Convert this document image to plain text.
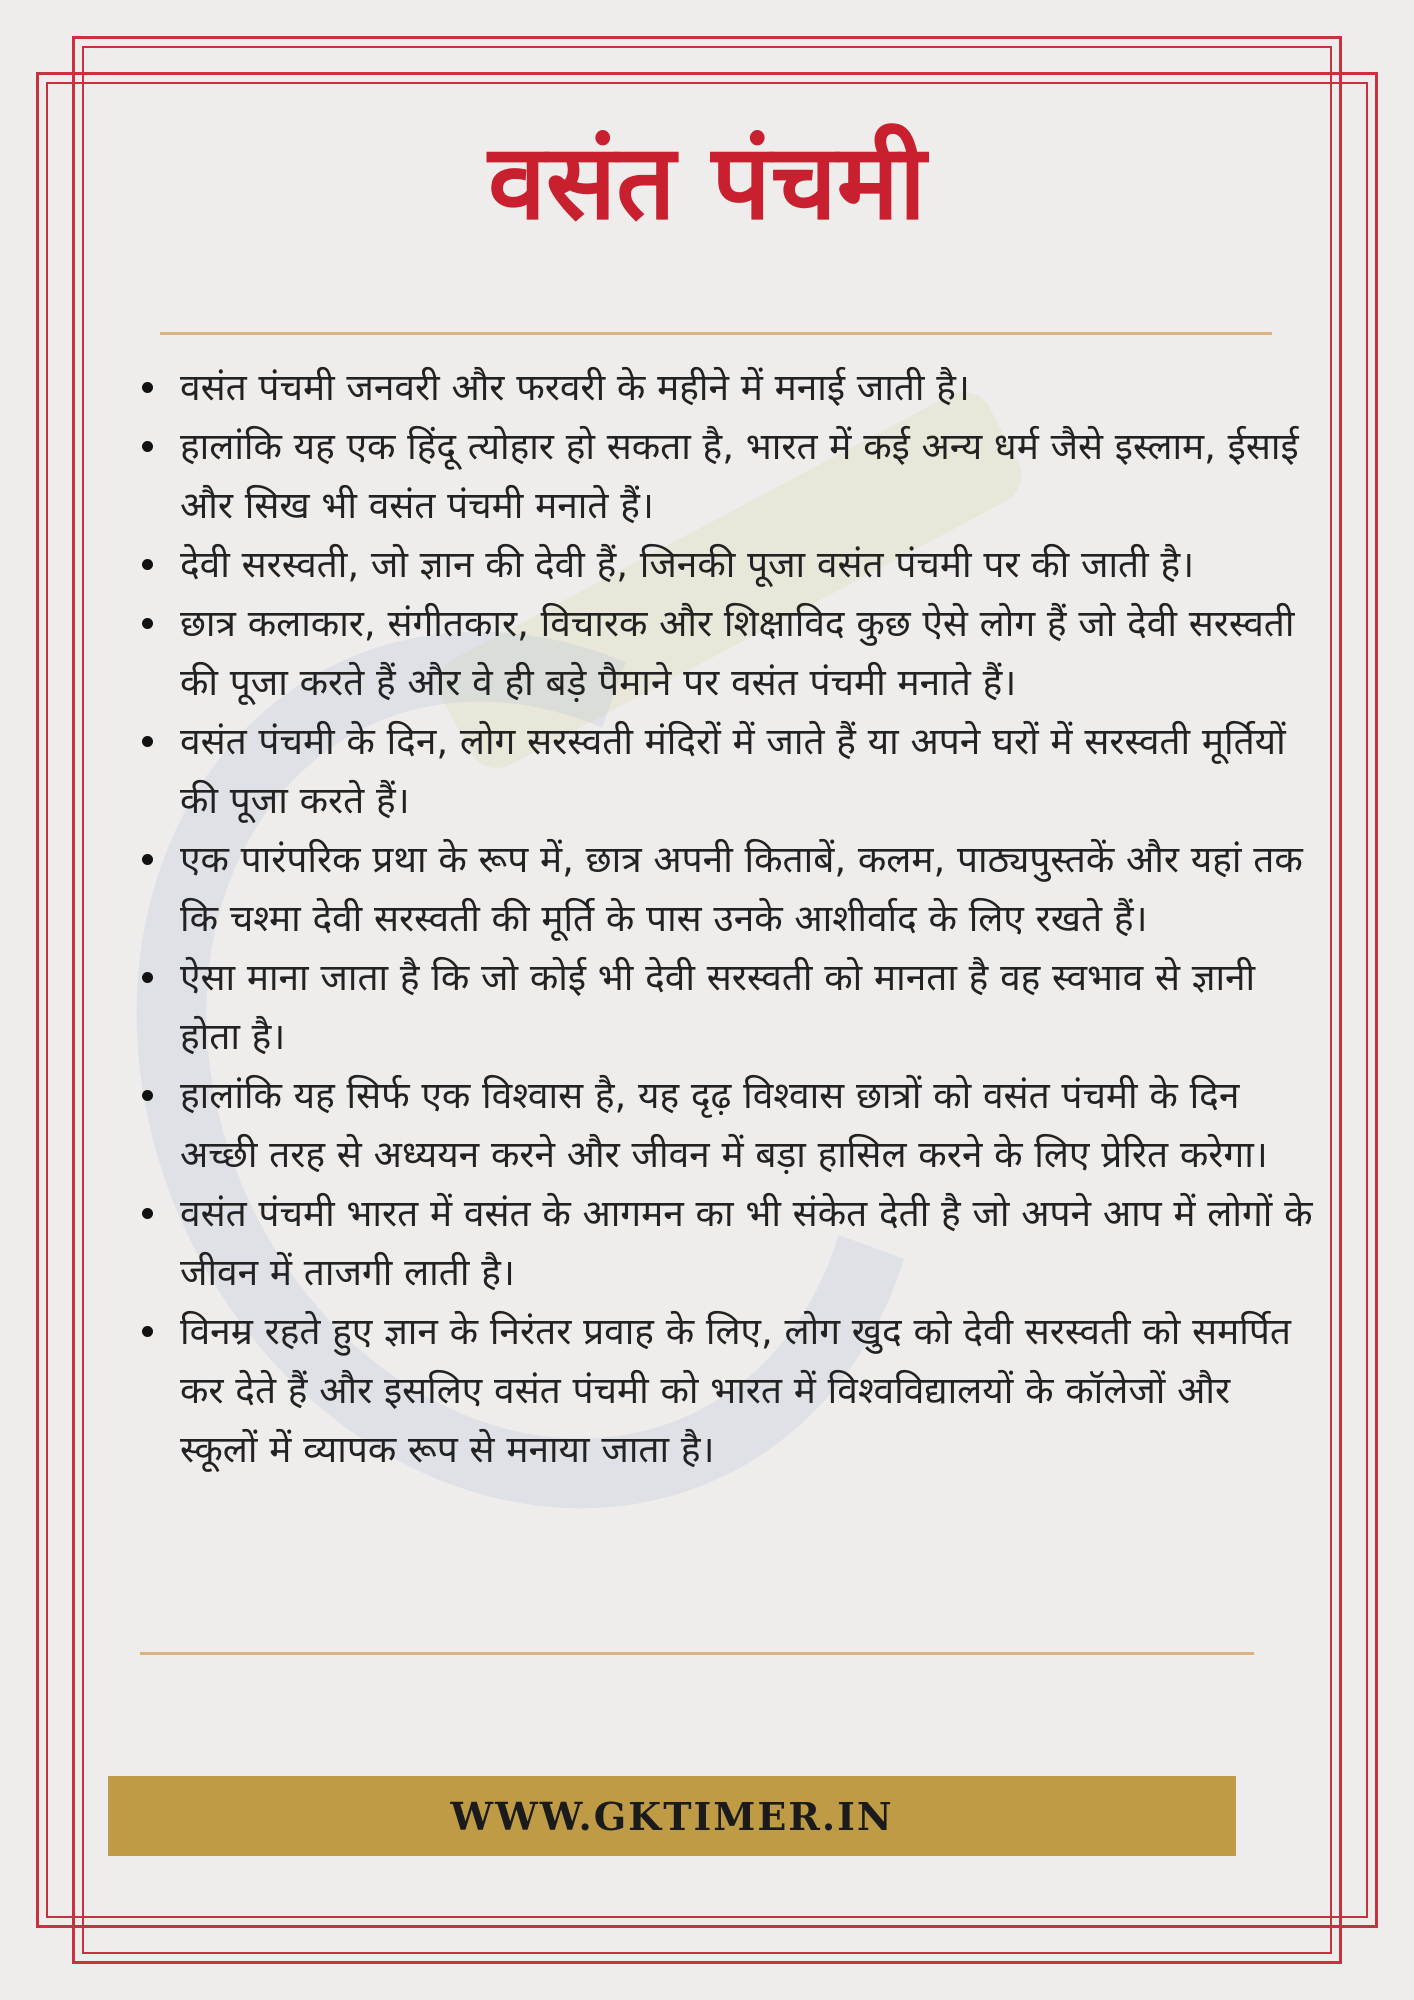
वसंत पंचमी
वसंत पंचमी जनवरी और फरवरी के महीने में मनाई जाती है।
हालांकि यह एक हिंदू त्योहार हो सकता है, भारत में कई अन्य धर्म जैसे इस्लाम, ईसाई और सिख भी वसंत पंचमी मनाते हैं।
देवी सरस्वती, जो ज्ञान की देवी हैं, जिनकी पूजा वसंत पंचमी पर की जाती है।
छात्र कलाकार, संगीतकार, विचारक और शिक्षाविद कुछ ऐसे लोग हैं जो देवी सरस्वती की पूजा करते हैं और वे ही बड़े पैमाने पर वसंत पंचमी मनाते हैं।
वसंत पंचमी के दिन, लोग सरस्वती मंदिरों में जाते हैं या अपने घरों में सरस्वती मूर्तियों की पूजा करते हैं।
एक पारंपरिक प्रथा के रूप में, छात्र अपनी किताबें, कलम, पाठ्यपुस्तकें और यहां तक कि चश्मा देवी सरस्वती की मूर्ति के पास उनके आशीर्वाद के लिए रखते हैं।
ऐसा माना जाता है कि जो कोई भी देवी सरस्वती को मानता है वह स्वभाव से ज्ञानी होता है।
हालांकि यह सिर्फ एक विश्वास है, यह दृढ़ विश्वास छात्रों को वसंत पंचमी के दिन अच्छी तरह से अध्ययन करने और जीवन में बड़ा हासिल करने के लिए प्रेरित करेगा।
वसंत पंचमी भारत में वसंत के आगमन का भी संकेत देती है जो अपने आप में लोगों के जीवन में ताजगी लाती है।
विनम्र रहते हुए ज्ञान के निरंतर प्रवाह के लिए, लोग खुद को देवी सरस्वती को समर्पित कर देते हैं और इसलिए वसंत पंचमी को भारत में विश्वविद्यालयों के कॉलेजों और स्कूलों में व्यापक रूप से मनाया जाता है।
WWW.GKTIMER.IN
